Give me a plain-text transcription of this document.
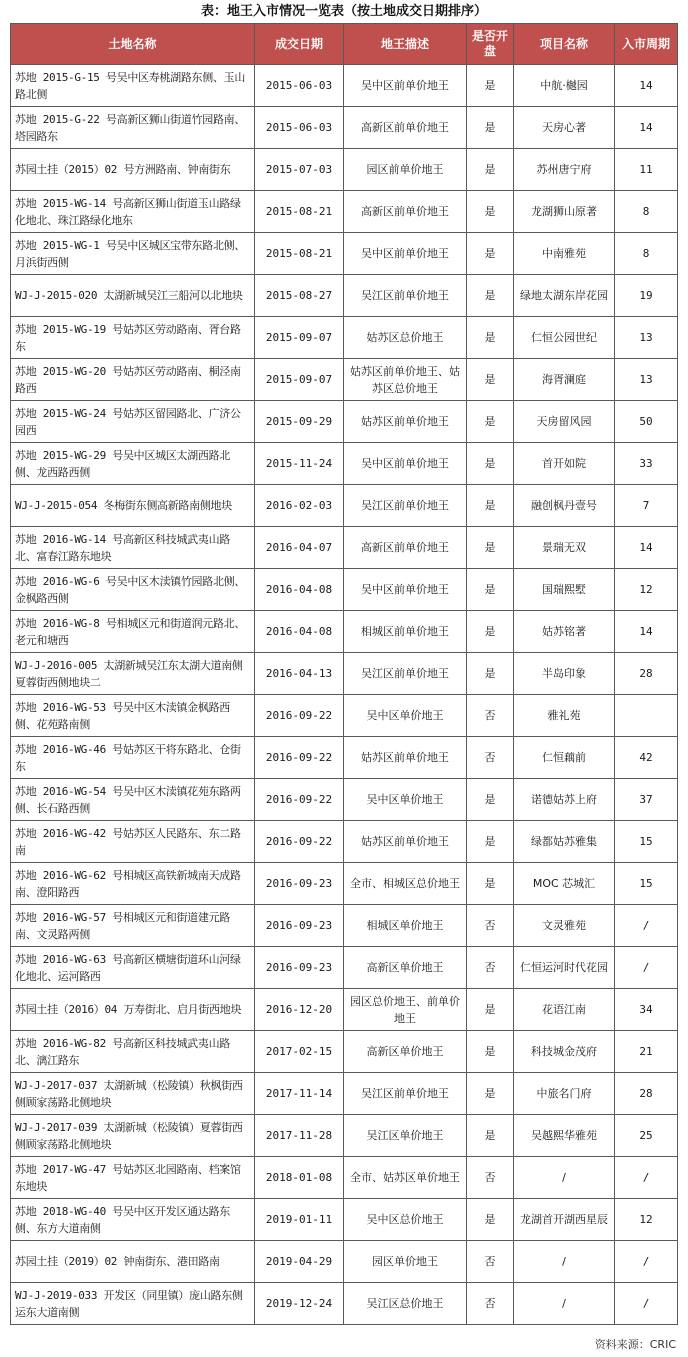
表：地王入市情况一览表（按土地成交日期排序）
土地名称	成交日期	地王描述	是否开盘	项目名称	入市周期
苏地 2015-G-15 号吴中区寿桃湖路东侧、玉山路北侧	2015-06-03	吴中区前单价地王	是	中航·樾园	14
苏地 2015-G-22 号高新区狮山街道竹园路南、塔园路东	2015-06-03	高新区前单价地王	是	天房心著	14
苏园土挂（2015）02 号方洲路南、钟南街东	2015-07-03	园区前单价地王	是	苏州唐宁府	11
苏地 2015-WG-14 号高新区狮山街道玉山路绿化地北、珠江路绿化地东	2015-08-21	高新区前单价地王	是	龙湖狮山原著	8
苏地 2015-WG-1 号吴中区城区宝带东路北侧、月浜街西侧	2015-08-21	吴中区前单价地王	是	中南雅苑	8
WJ-J-2015-020 太湖新城吴江三船河以北地块	2015-08-27	吴江区前单价地王	是	绿地太湖东岸花园	19
苏地 2015-WG-19 号姑苏区劳动路南、胥台路东	2015-09-07	姑苏区总价地王	是	仁恒公园世纪	13
苏地 2015-WG-20 号姑苏区劳动路南、桐泾南路西	2015-09-07	姑苏区前单价地王、姑苏区总价地王	是	海胥澜庭	13
苏地 2015-WG-24 号姑苏区留园路北、广济公园西	2015-09-29	姑苏区前单价地王	是	天房留风园	50
苏地 2015-WG-29 号吴中区城区太湖西路北侧、龙西路西侧	2015-11-24	吴中区前单价地王	是	首开如院	33
WJ-J-2015-054 冬梅街东侧高新路南侧地块	2016-02-03	吴江区前单价地王	是	融创枫丹壹号	7
苏地 2016-WG-14 号高新区科技城武夷山路北、富春江路东地块	2016-04-07	高新区前单价地王	是	景瑞无双	14
苏地 2016-WG-6 号吴中区木渎镇竹园路北侧、金枫路西侧	2016-04-08	吴中区前单价地王	是	国瑞熙墅	12
苏地 2016-WG-8 号相城区元和街道润元路北、老元和塘西	2016-04-08	相城区前单价地王	是	姑苏铭著	14
WJ-J-2016-005 太湖新城吴江东太湖大道南侧夏蓉街西侧地块二	2016-04-13	吴江区前单价地王	是	半岛印象	28
苏地 2016-WG-53 号吴中区木渎镇金枫路西侧、花苑路南侧	2016-09-22	吴中区单价地王	否	雅礼苑	
苏地 2016-WG-46 号姑苏区干将东路北、仓街东	2016-09-22	姑苏区前单价地王	否	仁恒藕前	42
苏地 2016-WG-54 号吴中区木渎镇花苑东路两侧、长石路西侧	2016-09-22	吴中区单价地王	是	诺德姑苏上府	37
苏地 2016-WG-42 号姑苏区人民路东、东二路南	2016-09-22	姑苏区前单价地王	是	绿都姑苏雅集	15
苏地 2016-WG-62 号相城区高铁新城南天成路南、澄阳路西	2016-09-23	全市、相城区总价地王	是	MOC 芯城汇	15
苏地 2016-WG-57 号相城区元和街道建元路南、文灵路两侧	2016-09-23	相城区单价地王	否	文灵雅苑	/
苏地 2016-WG-63 号高新区横塘街道环山河绿化地北、运河路西	2016-09-23	高新区单价地王	否	仁恒运河时代花园	/
苏园土挂（2016）04 万寿街北、启月街西地块	2016-12-20	园区总价地王、前单价地王	是	花语江南	34
苏地 2016-WG-82 号高新区科技城武夷山路北、漓江路东	2017-02-15	高新区单价地王	是	科技城金茂府	21
WJ-J-2017-037 太湖新城（松陵镇）秋枫街西侧顾家荡路北侧地块	2017-11-14	吴江区前单价地王	是	中旅名门府	28
WJ-J-2017-039 太湖新城（松陵镇）夏蓉街西侧顾家荡路北侧地块	2017-11-28	吴江区单价地王	是	吴越熙华雅苑	25
苏地 2017-WG-47 号姑苏区北园路南、档案馆东地块	2018-01-08	全市、姑苏区单价地王	否	/	/
苏地 2018-WG-40 号吴中区开发区通达路东侧、东方大道南侧	2019-01-11	吴中区总价地王	是	龙湖首开湖西星辰	12
苏园土挂（2019）02 钟南街东、港田路南	2019-04-29	园区单价地王	否	/	/
WJ-J-2019-033 开发区（同里镇）庞山路东侧运东大道南侧	2019-12-24	吴江区总价地王	否	/	/
资料来源：CRIC
